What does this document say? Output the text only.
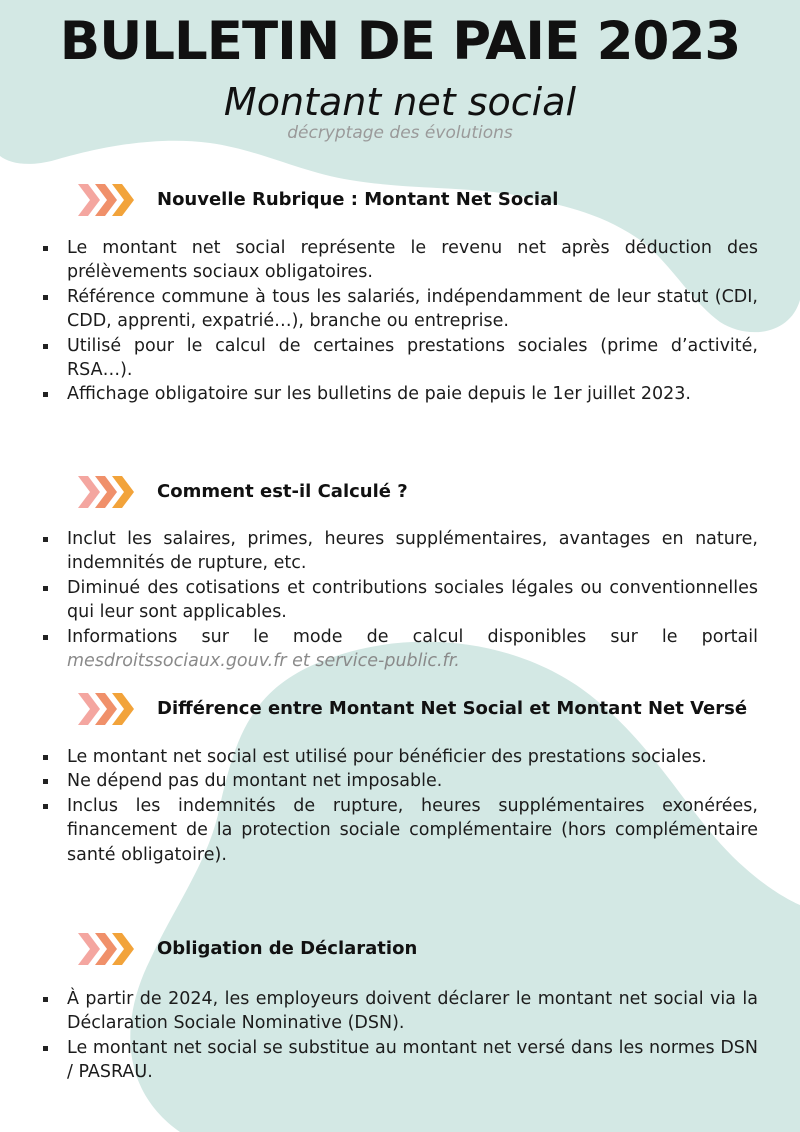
BULLETIN DE PAIE 2023
Montant net social
décryptage des évolutions
Nouvelle Rubrique : Montant Net Social
Le montant net social représente le revenu net après déduction des prélèvements sociaux obligatoires.
Référence commune à tous les salariés, indépendamment de leur statut (CDI, CDD, apprenti, expatrié…), branche ou entreprise.
Utilisé pour le calcul de certaines prestations sociales (prime d’activité, RSA…).
Affichage obligatoire sur les bulletins de paie depuis le 1er juillet 2023.
Comment est-il Calculé ?
Inclut les salaires, primes, heures supplémentaires, avantages en nature, indemnités de rupture, etc.
Diminué des cotisations et contributions sociales légales ou conventionnelles qui leur sont applicables.
Informations sur le mode de calcul disponibles sur le portail mesdroitssociaux.gouv.fr et service-public.fr.
Différence entre Montant Net Social et Montant Net Versé
Le montant net social est utilisé pour bénéficier des prestations sociales.
Ne dépend pas du montant net imposable.
Inclus les indemnités de rupture, heures supplémentaires exonérées, financement de la protection sociale complémentaire (hors complémentaire santé obligatoire).
Obligation de Déclaration
À partir de 2024, les employeurs doivent déclarer le montant net social via la Déclaration Sociale Nominative (DSN).
Le montant net social se substitue au montant net versé dans les normes DSN / PASRAU.
